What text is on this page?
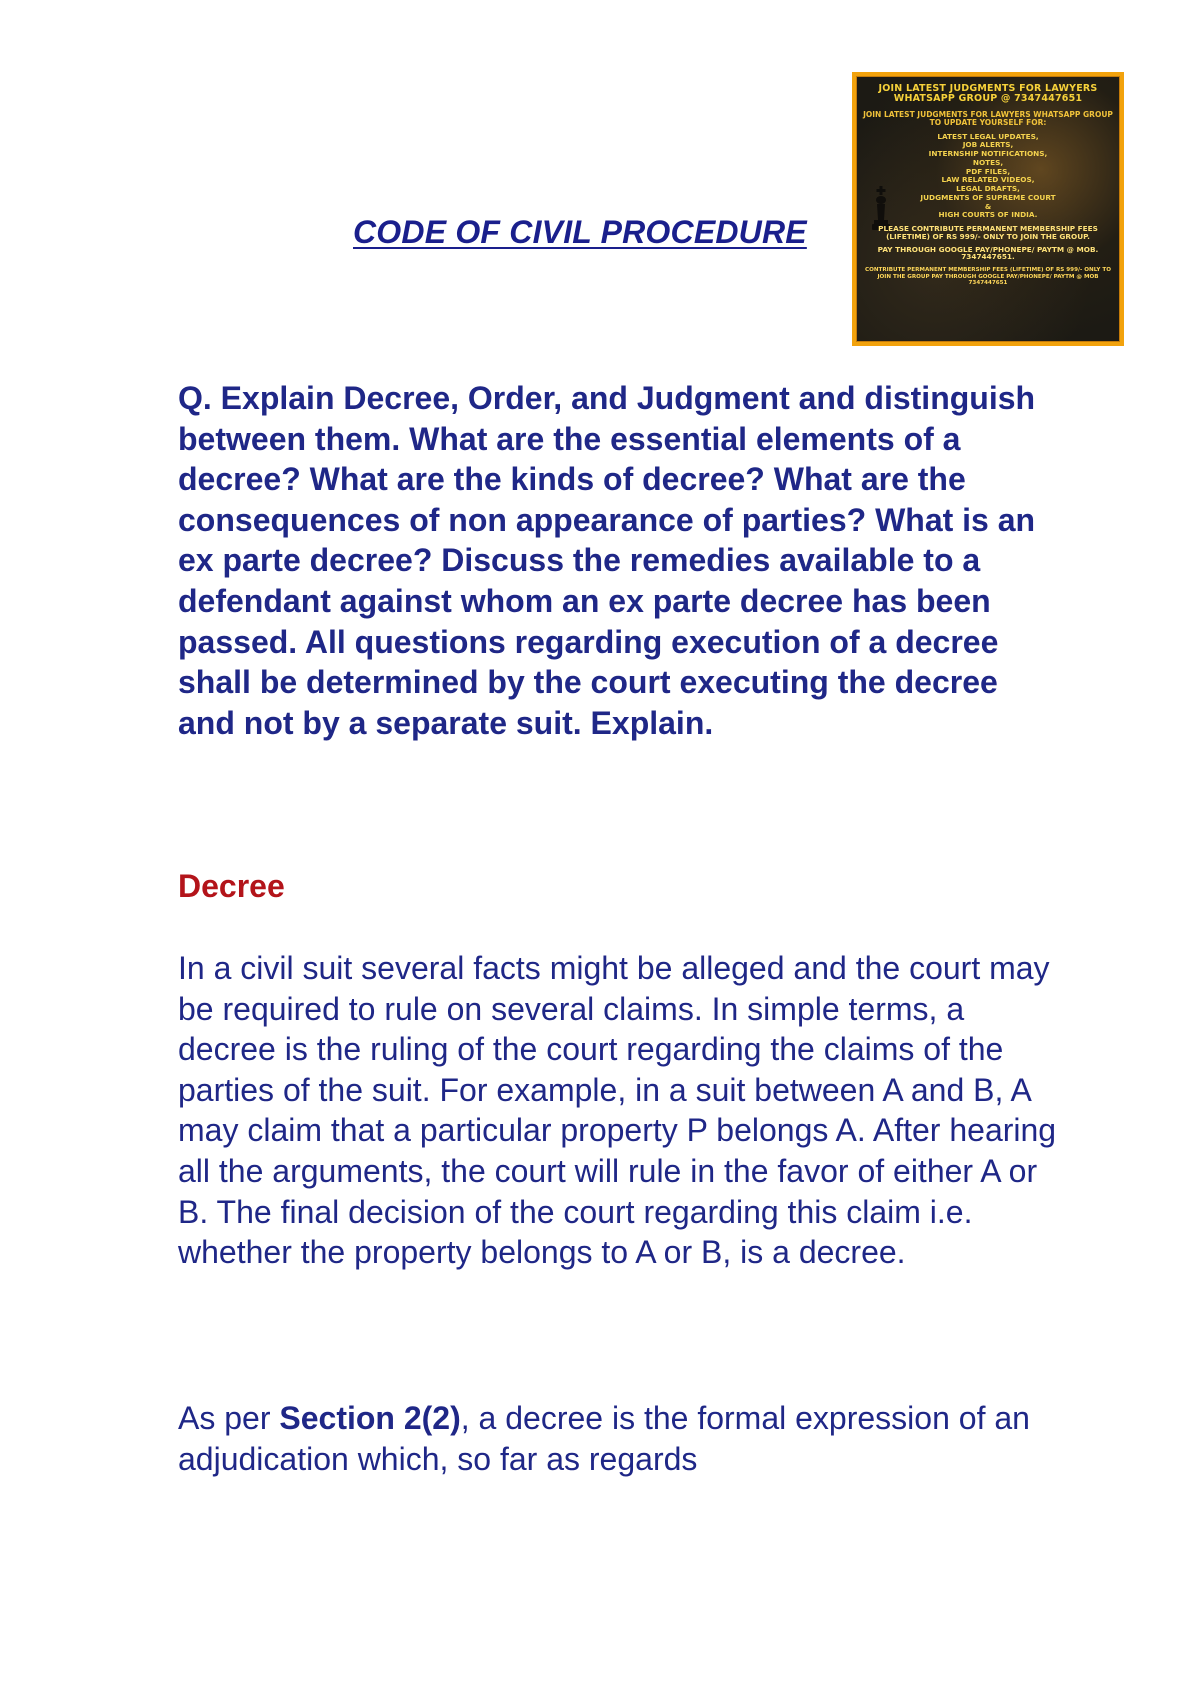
CODE OF CIVIL PROCEDURE

JOIN LATEST JUDGMENTS FOR LAWYERS
WHATSAPP GROUP @ 7347447651

JOIN LATEST JUDGMENTS FOR LAWYERS WHATSAPP GROUP TO UPDATE YOURSELF FOR:

LATEST LEGAL UPDATES,
JOB ALERTS,
INTERNSHIP NOTIFICATIONS,
NOTES,
PDF FILES,
LAW RELATED VIDEOS,
LEGAL DRAFTS,
JUDGMENTS OF SUPREME COURT
&
HIGH COURTS OF INDIA.

PLEASE CONTRIBUTE PERMANENT MEMBERSHIP FEES (LIFETIME) OF RS 999/- ONLY TO JOIN THE GROUP.

PAY THROUGH GOOGLE PAY/PHONEPE/ PAYTM @ MOB. 7347447651.

CONTRIBUTE PERMANENT MEMBERSHIP FEES (LIFETIME) OF RS 999/- ONLY TO JOIN THE GROUP PAY THROUGH GOOGLE PAY/PHONEPE/ PAYTM @ MOB 7347447651

Q. Explain Decree, Order, and Judgment and distinguish between them. What are the essential elements of a decree? What are the kinds of decree? What are the consequences of non appearance of parties? What is an ex parte decree? Discuss the remedies available to a defendant against whom an ex parte decree has been passed. All questions regarding execution of a decree shall be determined by the court executing the decree and not by a separate suit. Explain.

Decree

In a civil suit several facts might be alleged and the court may be required to rule on several claims. In simple terms, a decree is the ruling of the court regarding the claims of the parties of the suit. For example, in a suit between A and B, A may claim that a particular property P belongs A. After hearing all the arguments, the court will rule in the favor of either A or B. The final decision of the court regarding this claim i.e. whether the property belongs to A or B, is a decree.

As per Section 2(2), a decree is the formal expression of an adjudication which, so far as regards
